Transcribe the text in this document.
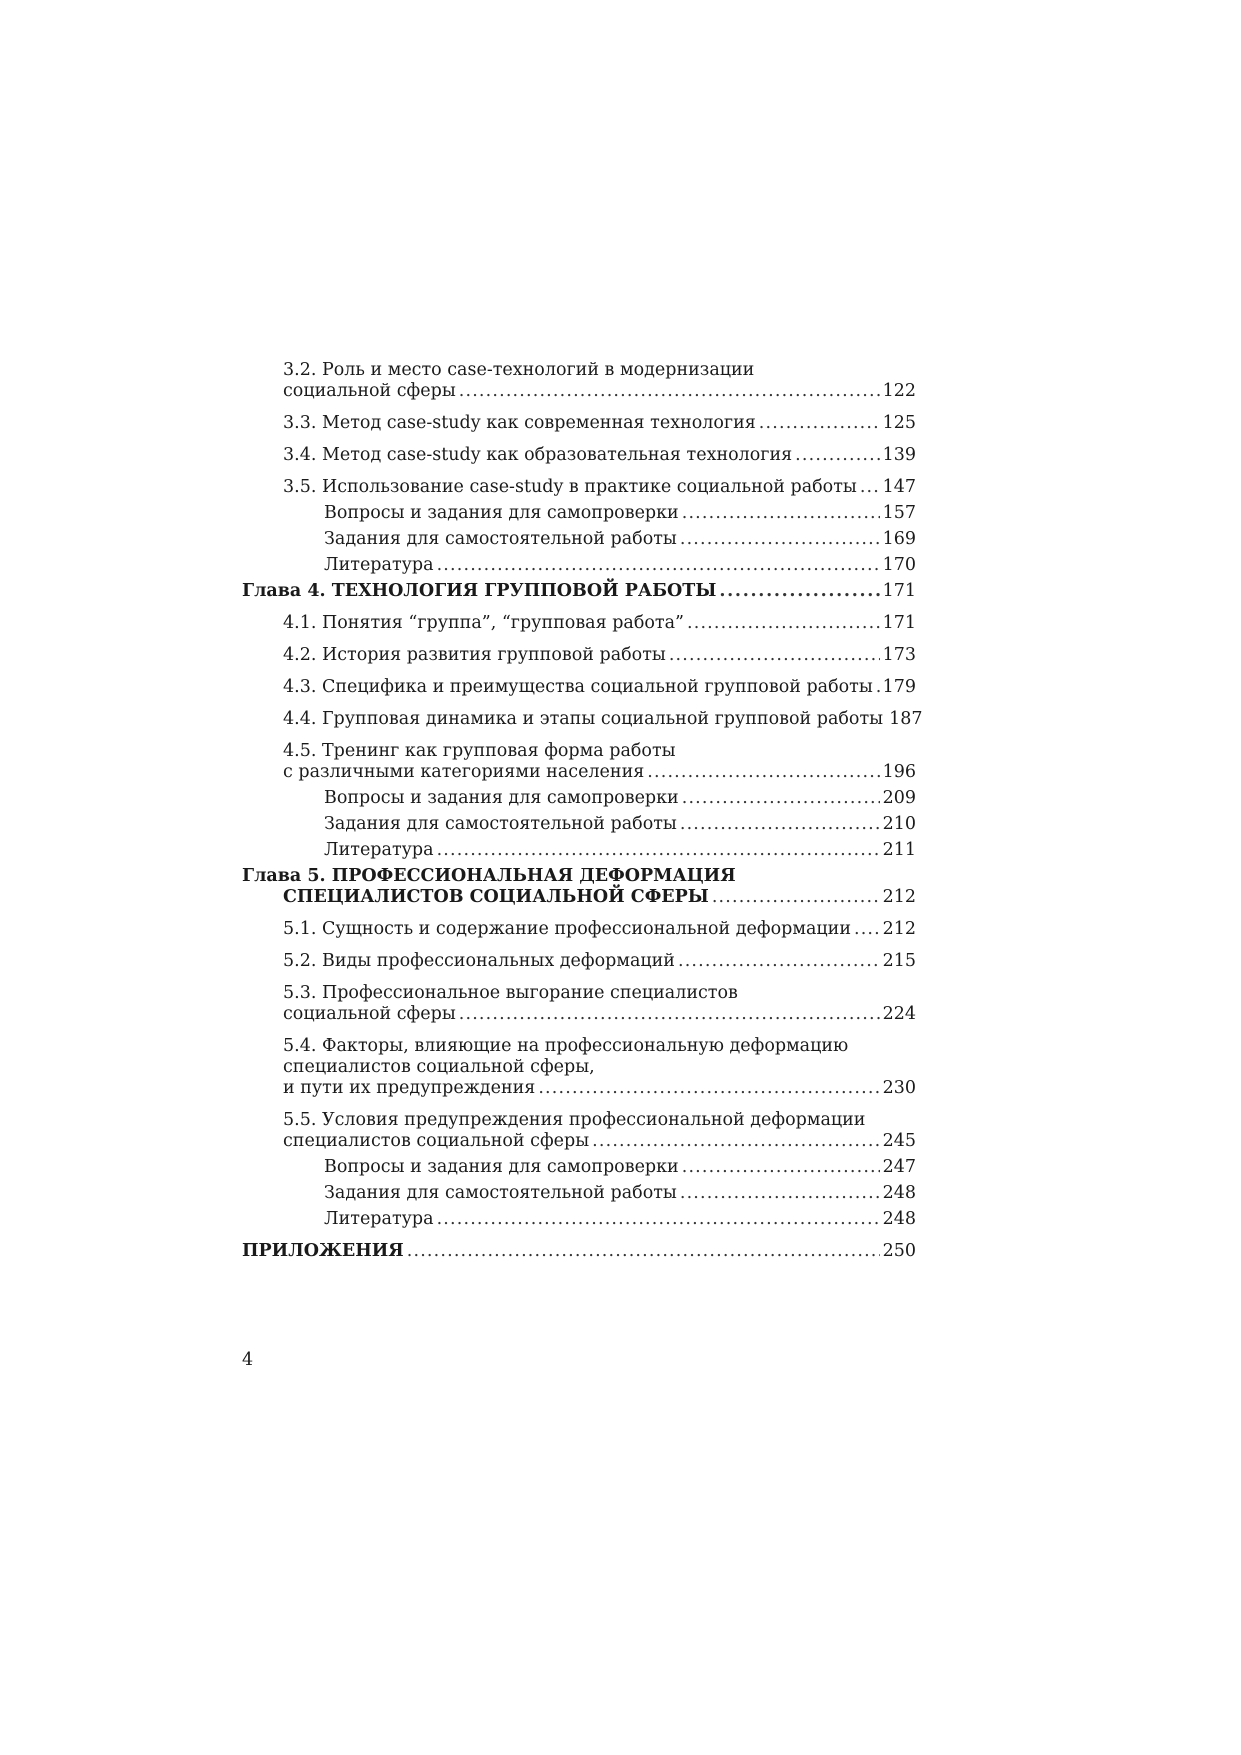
3.2. Роль и место case-технологий в модернизации
социальной сферы . . .	122
3.3. Метод case-study как современная технология . . .	125
3.4. Метод case-study как образовательная технология . . .	139
3.5. Использование case-study в практике социальной работы . . . 147
Вопросы и задания для самопроверки . . .	157
Задания для самостоятельной работы . . .	169
Литература . . .	170
Глава 4. ТЕХНОЛОГИЯ ГРУППОВОЙ РАБОТЫ . . .	171
4.1. Понятия “группа”, “групповая работа” . . .	171
4.2. История развития групповой работы . . .	173
4.3. Специфика и преимущества социальной групповой работы . . . 179
4.4. Групповая динамика и этапы социальной групповой работы 187
4.5. Тренинг как групповая форма работы
с различными категориями населения . . .	196
Вопросы и задания для самопроверки . . .	209
Задания для самостоятельной работы . . .	210
Литература . . .	211
Глава 5. ПРОФЕССИОНАЛЬНАЯ ДЕФОРМАЦИЯ
СПЕЦИАЛИСТОВ СОЦИАЛЬНОЙ СФЕРЫ . . .	212
5.1. Сущность и содержание профессиональной деформации . . . 212
5.2. Виды профессиональных деформаций . . .	215
5.3. Профессиональное выгорание специалистов
социальной сферы . . .	224
5.4. Факторы, влияющие на профессиональную деформацию
специалистов социальной сферы,
и пути их предупреждения . . .	230
5.5. Условия предупреждения профессиональной деформации
специалистов социальной сферы . . .	245
Вопросы и задания для самопроверки . . .	247
Задания для самостоятельной работы . . .	248
Литература . . .	248
ПРИЛОЖЕНИЯ . . .	250
4
